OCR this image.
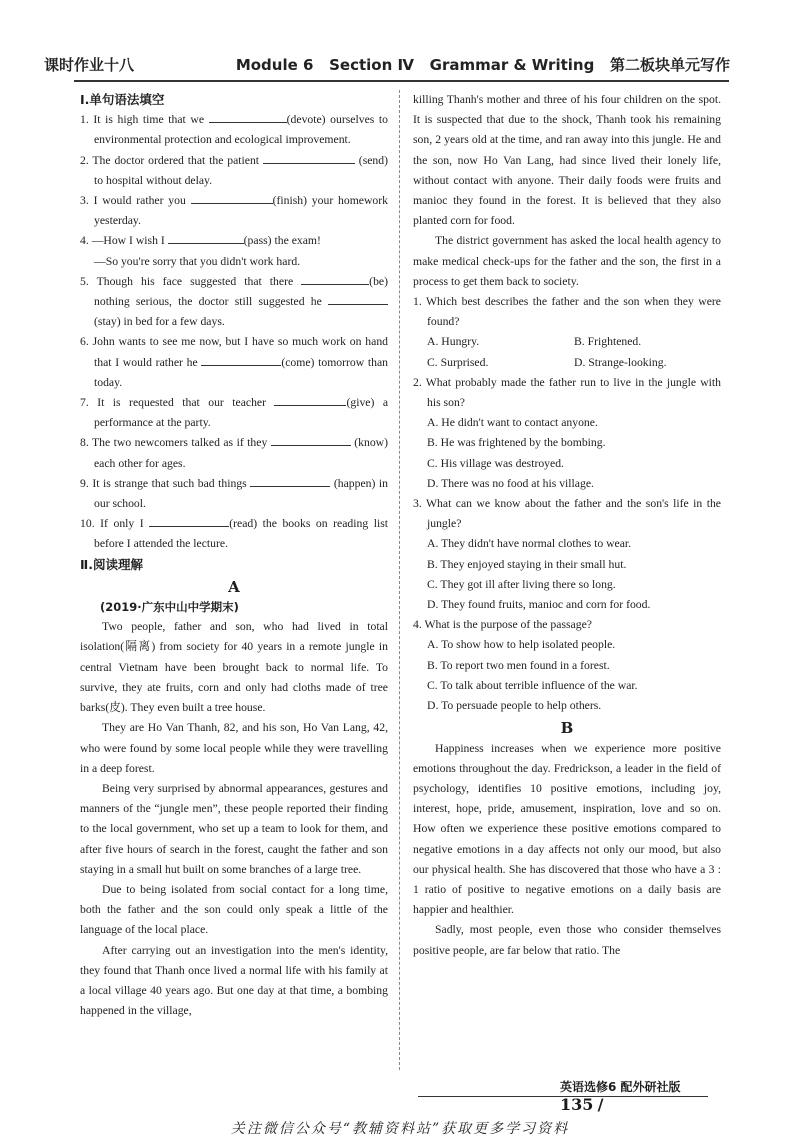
课时作业十八	Module 6   Section Ⅳ   Grammar & Writing   第二板块单元写作
Ⅰ.单句语法填空
1. It is high time that we	(devote) ourselves to environmental protection and ecological improvement.
2. The doctor ordered that the patient	(send) to hospital without delay.
3. I would rather you	(finish) your homework yesterday.
4. —How I wish I	(pass) the exam!
—So you're sorry that you didn't work hard.
5. Though his face suggested that there	(be) nothing serious, the doctor still suggested he (stay) in bed for a few days.
6. John wants to see me now, but I have so much work on hand that I would rather he	(come) tomorrow than today.
7. It is requested that our teacher	(give) a performance at the party.
8. The two newcomers talked as if they	(know) each other for ages.
9. It is strange that such bad things	(happen) in our school.
10. If only I	(read) the books on reading list before I attended the lecture.
Ⅱ.阅读理解
A
(2019·广东中山中学期末)

Two people, father and son, who had lived in total isolation(隔离) from society for 40 years in a remote jungle in central Vietnam have been brought back to normal life. To survive, they ate fruits, corn and only had cloths made of tree barks(皮). They even built a tree house.

They are Ho Van Thanh, 82, and his son, Ho Van Lang, 42, who were found by some local people while they were travelling in a deep forest.

Being very surprised by abnormal appearances, gestures and manners of the “jungle men”, these people reported their finding to the local government, who set up a team to look for them, and after five hours of search in the forest, caught the father and son staying in a small hut built on some branches of a large tree.

Due to being isolated from social contact for a long time, both the father and the son could only speak a little of the language of the local place.

After carrying out an investigation into the men's identity, they found that Thanh once lived a normal life with his family at a local village 40 years ago. But one day at that time, a bombing happened in the village,

killing Thanh's mother and three of his four children on the spot. It is suspected that due to the shock, Thanh took his remaining son, 2 years old at the time, and ran away into this jungle. He and the son, now Ho Van Lang, had since lived their lonely life, without contact with anyone. Their daily foods were fruits and manioc they found in the forest. It is believed that they also planted corn for food.

The district government has asked the local health agency to make medical check-ups for the father and the son, the first in a process to get them back to society.

1. Which best describes the father and the son when they were found?
A. Hungry.	B. Frightened.
C. Surprised.	D. Strange-looking.
2. What probably made the father run to live in the jungle with his son?
A. He didn't want to contact anyone.
B. He was frightened by the bombing.
C. His village was destroyed.
D. There was no food at his village.
3. What can we know about the father and the son's life in the jungle?
A. They didn't have normal clothes to wear.
B. They enjoyed staying in their small hut.
C. They got ill after living there so long.
D. They found fruits, manioc and corn for food.
4. What is the purpose of the passage?
A. To show how to help isolated people.
B. To report two men found in a forest.
C. To talk about terrible influence of the war.
D. To persuade people to help others.
B

Happiness increases when we experience more positive emotions throughout the day. Fredrickson, a leader in the field of psychology, identifies 10 positive emotions, including joy, interest, hope, pride, amusement, inspiration, love and so on. How often we experience these positive emotions compared to negative emotions in a day affects not only our mood, but also our physical health. She has discovered that those who have a 3 : 1 ratio of positive to negative emotions on a daily basis are happier and healthier.

Sadly, most people, even those who consider themselves positive people, are far below that ratio. The

英语选修6 配外研社版 135 /
关注微信公众号“教辅资料站”获取更多学习资料
